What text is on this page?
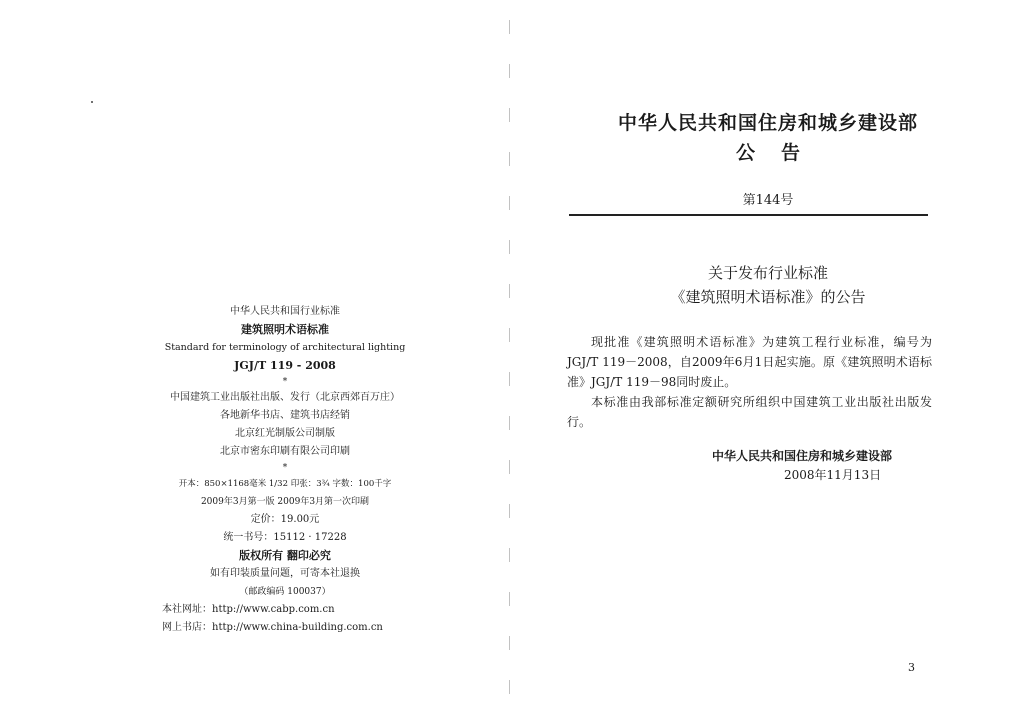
中华人民共和国行业标准
建筑照明术语标准
Standard for terminology of architectural lighting
JGJ/T 119 - 2008
*
中国建筑工业出版社出版、发行（北京西郊百万庄）
各地新华书店、建筑书店经销
北京红光制版公司制版
北京市密东印刷有限公司印刷
*
开本：850×1168毫米 1/32 印张：3¾ 字数：100千字
2009年3月第一版 2009年3月第一次印刷
定价：19.00元
统一书号：15112 · 17228
版权所有 翻印必究
如有印装质量问题，可寄本社退换
（邮政编码 100037）
本社网址：http://www.cabp.com.cn
网上书店：http://www.china-building.com.cn
中华人民共和国住房和城乡建设部
公告
第144号
关于发布行业标准
《建筑照明术语标准》的公告

现批准《建筑照明术语标准》为建筑工程行业标准，编号为JGJ/T 119－2008，自2009年6月1日起实施。原《建筑照明术语标准》JGJ/T 119－98同时废止。

本标准由我部标准定额研究所组织中国建筑工业出版社出版发行。

中华人民共和国住房和城乡建设部
2008年11月13日
3
